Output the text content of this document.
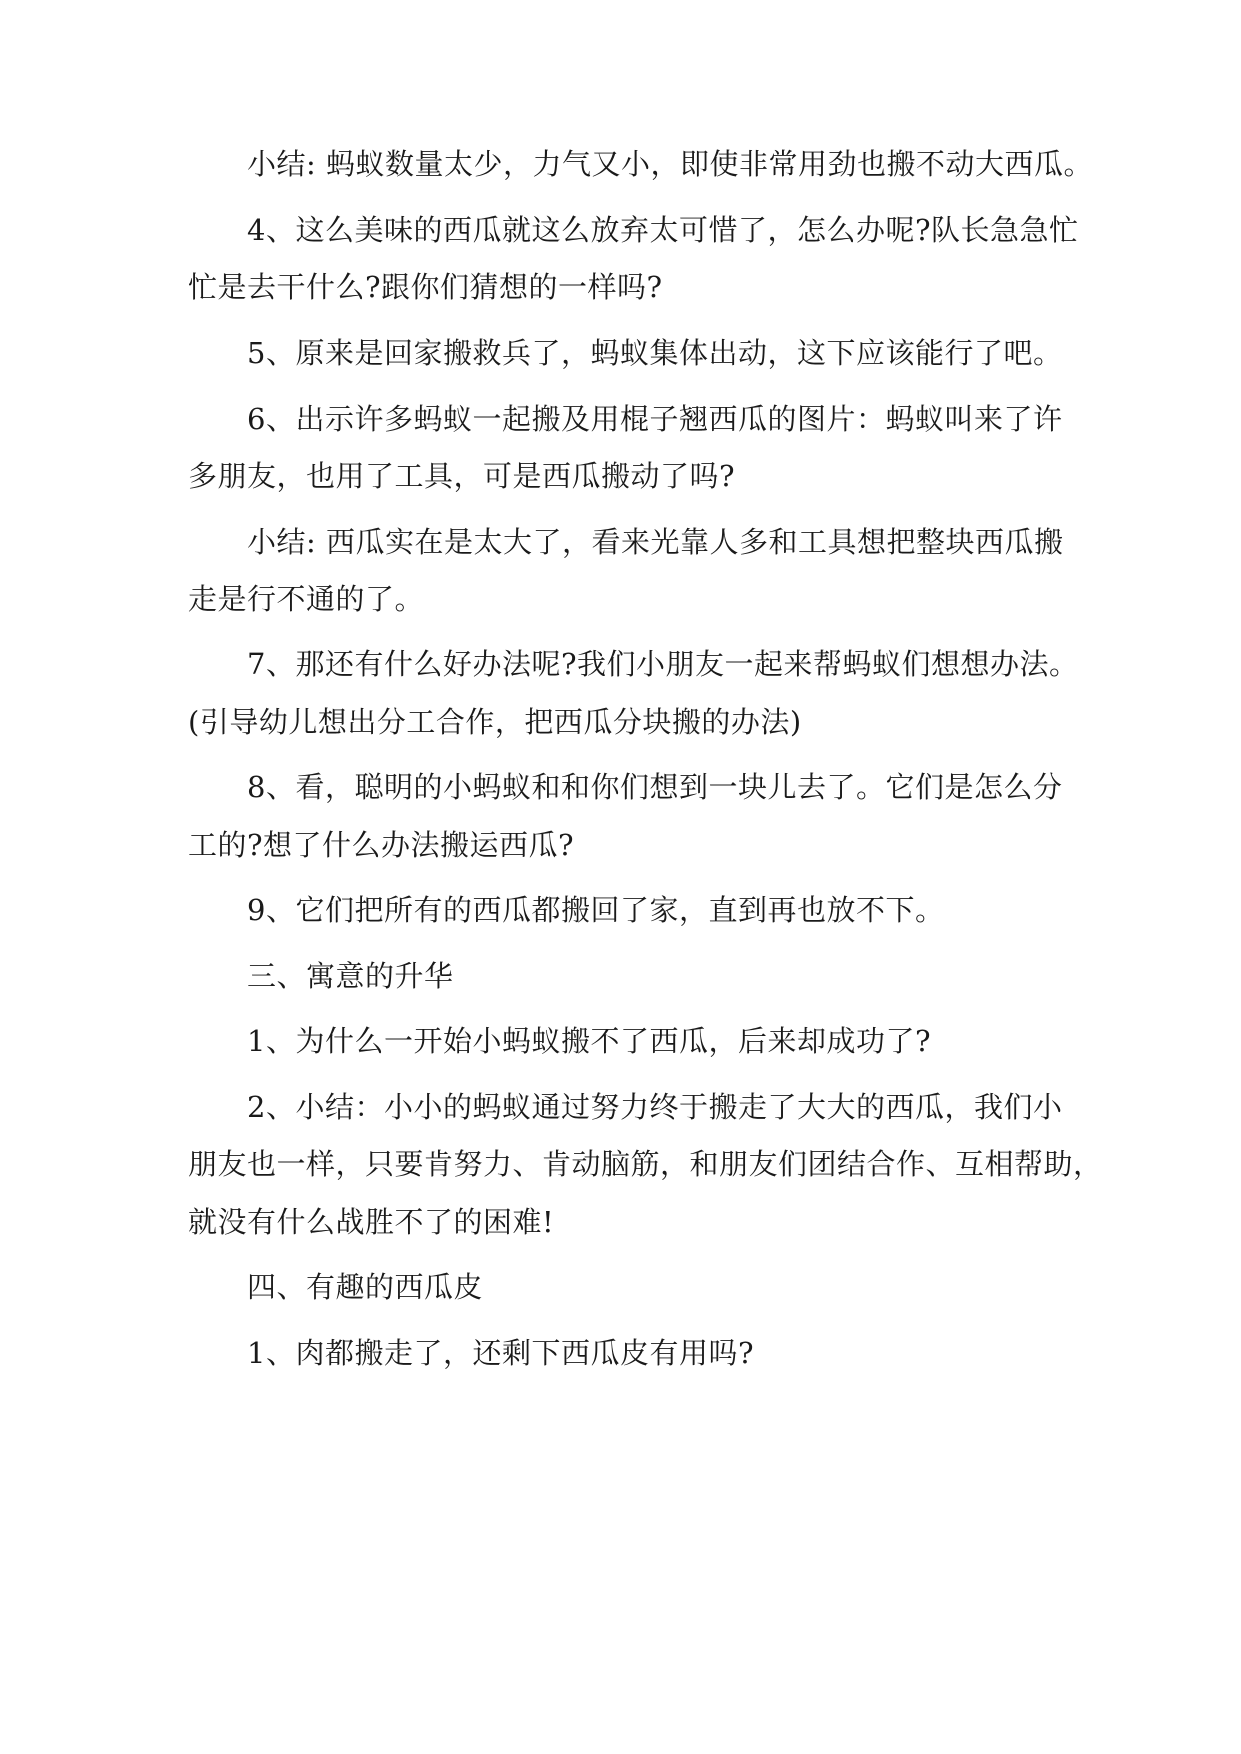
小结: 蚂蚁数量太少，力气又小，即使非常用劲也搬不动大西瓜。
4、这么美味的西瓜就这么放弃太可惜了，怎么办呢?队长急急忙
忙是去干什么?跟你们猜想的一样吗?
5、原来是回家搬救兵了，蚂蚁集体出动，这下应该能行了吧。
6、出示许多蚂蚁一起搬及用棍子翘西瓜的图片：蚂蚁叫来了许
多朋友，也用了工具，可是西瓜搬动了吗?
小结: 西瓜实在是太大了，看来光靠人多和工具想把整块西瓜搬
走是行不通的了。
7、那还有什么好办法呢?我们小朋友一起来帮蚂蚁们想想办法。
(引导幼儿想出分工合作，把西瓜分块搬的办法)
8、看，聪明的小蚂蚁和和你们想到一块儿去了。它们是怎么分
工的?想了什么办法搬运西瓜?
9、它们把所有的西瓜都搬回了家，直到再也放不下。
三、寓意的升华
1、为什么一开始小蚂蚁搬不了西瓜，后来却成功了?
2、小结：小小的蚂蚁通过努力终于搬走了大大的西瓜，我们小
朋友也一样，只要肯努力、肯动脑筋，和朋友们团结合作、互相帮助，
就没有什么战胜不了的困难!
四、有趣的西瓜皮
1、肉都搬走了，还剩下西瓜皮有用吗?
